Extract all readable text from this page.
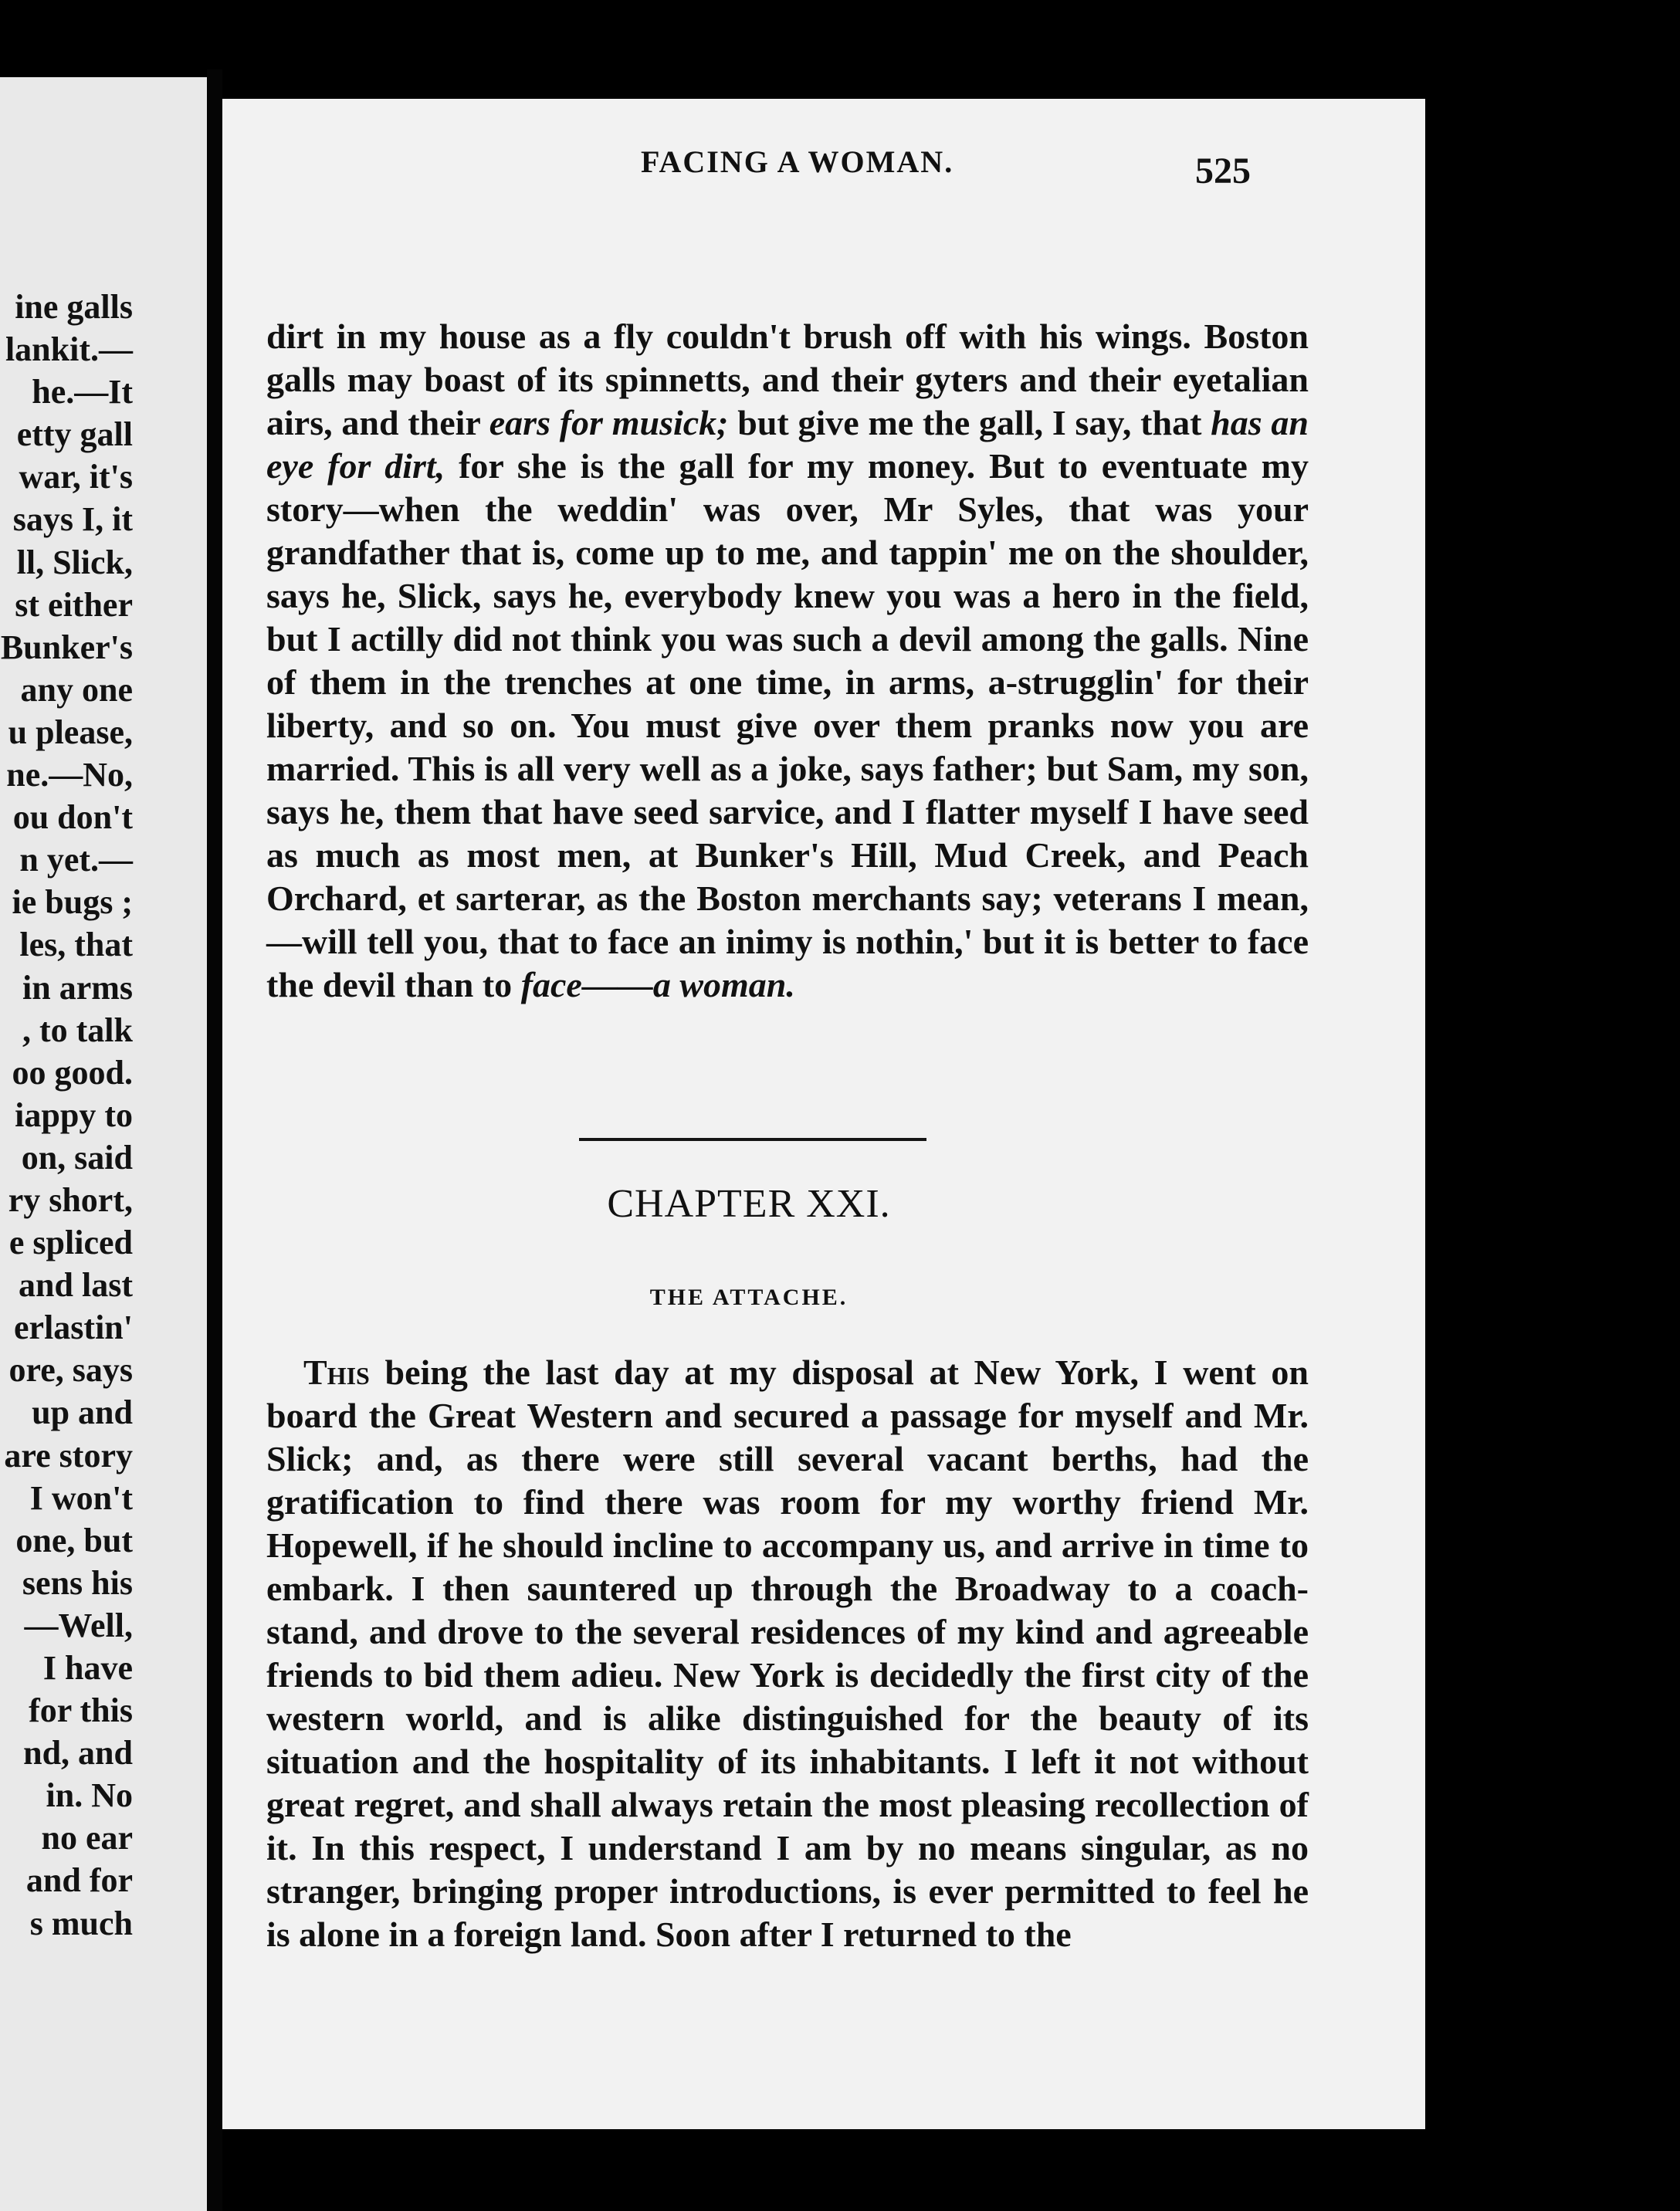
ine galls
lankit.—
he.—It
etty gall
war, it's
says I, it
ll, Slick,
st either
Bunker's
any one
u please,
ne.—No,
ou don't
n yet.—
ie bugs ;
les, that
in arms
, to talk
oo good.
iappy to
on, said
ry short,
e spliced
and last
erlastin'
ore, says
up and
are story
I won't
one, but
sens his
—Well,
I have
for this
nd, and
in. No
no ear
and for
s much
FACING A WOMAN.	525

dirt in my house as a fly couldn't brush off with his wings. Boston galls may boast of its spinnetts, and their gyters and their eyetalian airs, and their ears for musick; but give me the gall, I say, that has an eye for dirt, for she is the gall for my money. But to eventuate my story—when the weddin' was over, Mr Syles, that was your grandfather that is, come up to me, and tappin' me on the shoulder, says he, Slick, says he, everybody knew you was a hero in the field, but I actilly did not think you was such a devil among the galls. Nine of them in the trenches at one time, in arms, a-strugglin' for their liberty, and so on. You must give over them pranks now you are married. This is all very well as a joke, says father; but Sam, my son, says he, them that have seed sarvice, and I flatter myself I have seed as much as most men, at Bunker's Hill, Mud Creek, and Peach Orchard, et sarterar, as the Boston merchants say; veterans I mean,—will tell you, that to face an inimy is nothin,' but it is better to face the devil than to face——a woman.

CHAPTER XXI.
THE ATTACHE.

This being the last day at my disposal at New York, I went on board the Great Western and secured a passage for myself and Mr. Slick; and, as there were still several vacant berths, had the gratification to find there was room for my worthy friend Mr. Hopewell, if he should incline to accompany us, and arrive in time to embark. I then sauntered up through the Broadway to a coach-stand, and drove to the several residences of my kind and agreeable friends to bid them adieu. New York is decidedly the first city of the western world, and is alike distinguished for the beauty of its situation and the hospitality of its inhabitants. I left it not without great regret, and shall always retain the most pleasing recollection of it. In this respect, I understand I am by no means singular, as no stranger, bringing proper introductions, is ever permitted to feel he is alone in a foreign land. Soon after I returned to the
